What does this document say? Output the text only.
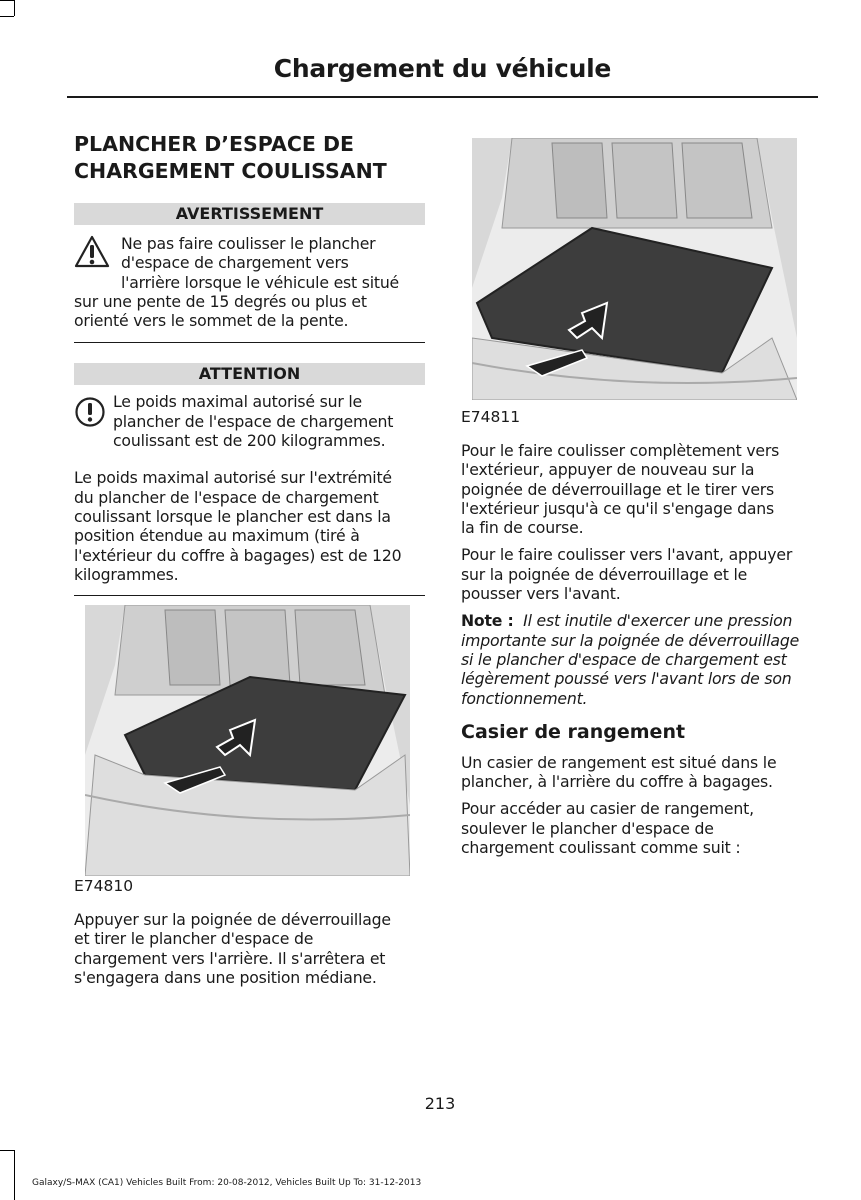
Chargement du véhicule
PLANCHER D’ESPACE DE
CHARGEMENT COULISSANT
AVERTISSEMENT
Ne pas faire coulisser le plancher
d'espace de chargement vers
l'arrière lorsque le véhicule est situé
sur une pente de 15 degrés ou plus et
orienté vers le sommet de la pente.
ATTENTION
Le poids maximal autorisé sur le
plancher de l'espace de chargement
coulissant est de 200 kilogrammes.
Le poids maximal autorisé sur l'extrémité
du plancher de l'espace de chargement
coulissant lorsque le plancher est dans la
position étendue au maximum (tiré à
l'extérieur du coffre à bagages) est de 120
kilogrammes.
E74810
Appuyer sur la poignée de déverrouillage
et tirer le plancher d'espace de
chargement vers l'arrière. Il s'arrêtera et
s'engagera dans une position médiane.
E74811
Pour le faire coulisser complètement vers
l'extérieur, appuyer de nouveau sur la
poignée de déverrouillage et le tirer vers
l'extérieur jusqu'à ce qu'il s'engage dans
la fin de course.
Pour le faire coulisser vers l'avant, appuyer
sur la poignée de déverrouillage et le
pousser vers l'avant.
Note : Il est inutile d'exercer une pression
importante sur la poignée de déverrouillage
si le plancher d'espace de chargement est
légèrement poussé vers l'avant lors de son
fonctionnement.
Casier de rangement
Un casier de rangement est situé dans le
plancher, à l'arrière du coffre à bagages.
Pour accéder au casier de rangement,
soulever le plancher d'espace de
chargement coulissant comme suit :
213
Galaxy/S-MAX (CA1) Vehicles Built From: 20-08-2012, Vehicles Built Up To: 31-12-2013
